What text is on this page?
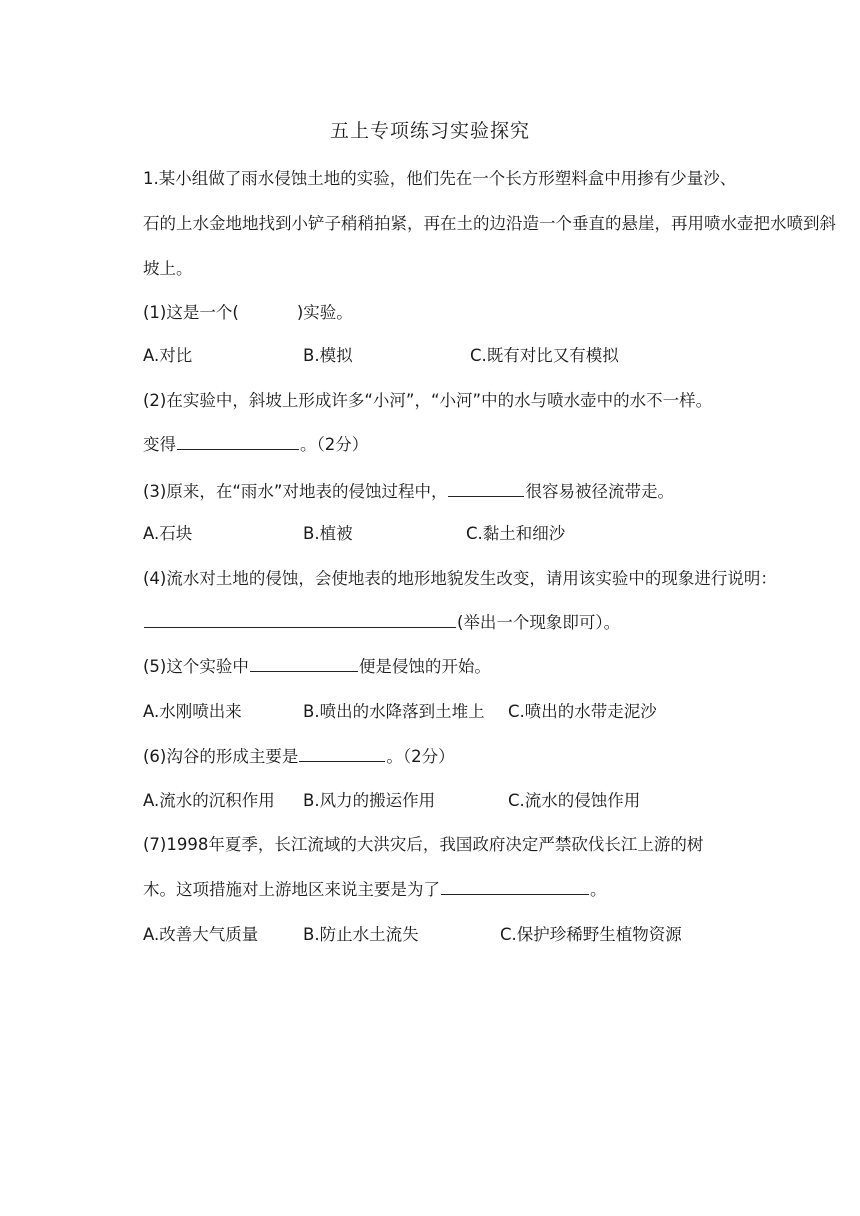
五上专项练习实验探究
1.某小组做了雨水侵蚀土地的实验，他们先在一个长方形塑料盒中用掺有少量沙、
石的上水金地地找到小铲子稍稍拍紧，再在土的边沿造一个垂直的悬崖，再用喷水壶把水喷到斜
坡上。
(1)这是一个(	)实验。
A.对比	B.模拟	C.既有对比又有模拟
(2)在实验中，斜坡上形成许多“小河”，“小河”中的水与喷水壶中的水不一样。
变得	。（2分）
(3)原来，在“雨水”对地表的侵蚀过程中，	很容易被径流带走。
A.石块	B.植被	C.黏土和细沙
(4)流水对土地的侵蚀，会使地表的地形地貌发生改变，请用该实验中的现象进行说明：
(举出一个现象即可）。
(5)这个实验中	便是侵蚀的开始。
A.水刚喷出来	B.喷出的水降落到土堆上 C.喷出的水带走泥沙
(6)沟谷的形成主要是	。（2分）
A.流水的沉积作用 B.风力的搬运作用	C.流水的侵蚀作用
(7)1998年夏季，长江流域的大洪灾后，我国政府决定严禁砍伐长江上游的树
木。这项措施对上游地区来说主要是为了	。
A.改善大气质量	B.防止水土流失	C.保护珍稀野生植物资源
